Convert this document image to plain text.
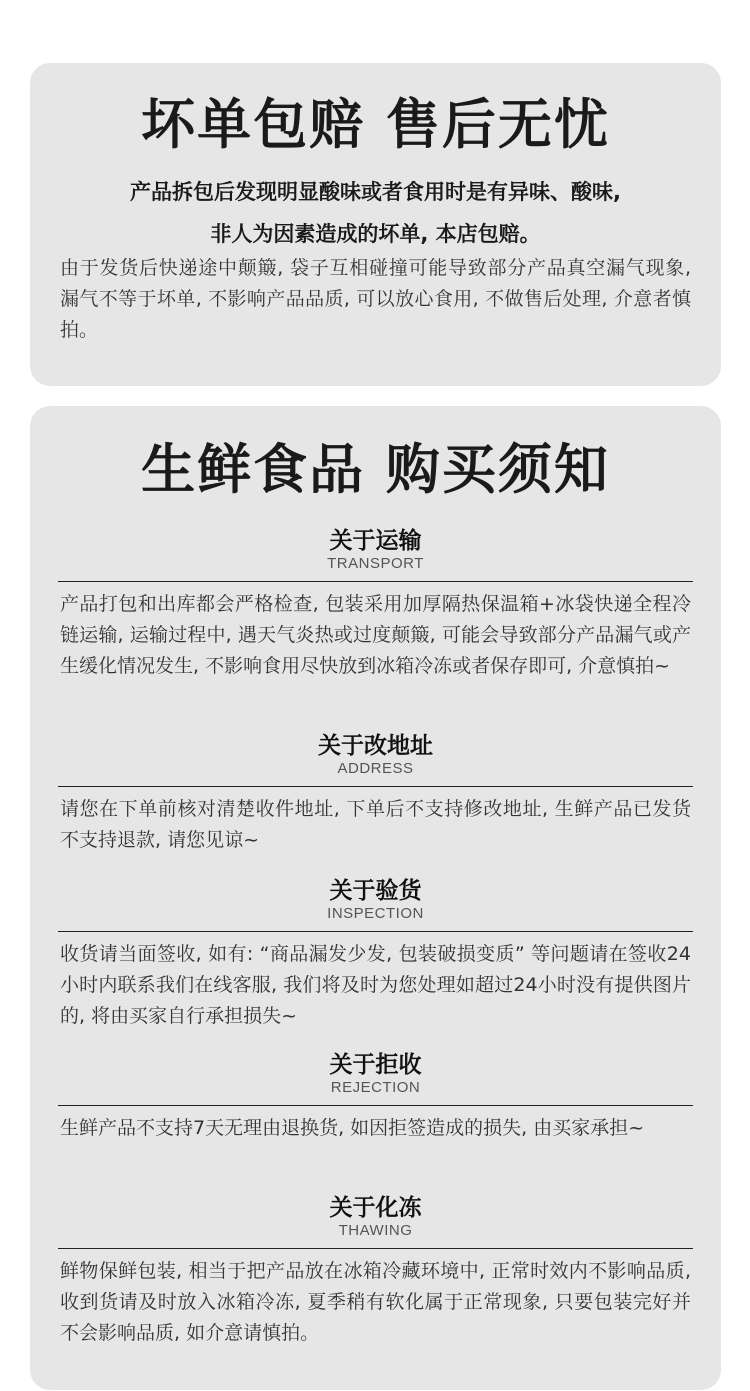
坏单包赔 售后无忧
产品拆包后发现明显酸味或者食用时是有异味、酸味,
非人为因素造成的坏单, 本店包赔。
由于发货后快递途中颠簸, 袋子互相碰撞可能导致部分产品真空漏气现象, 漏气不等于坏单, 不影响产品品质, 可以放心食用, 不做售后处理, 介意者慎拍。
生鲜食品 购买须知
关于运输
TRANSPORT
产品打包和出库都会严格检查, 包装采用加厚隔热保温箱+冰袋快递全程冷链运输, 运输过程中, 遇天气炎热或过度颠簸, 可能会导致部分产品漏气或产生缓化情况发生, 不影响食用尽快放到冰箱冷冻或者保存即可, 介意慎拍~
关于改地址
ADDRESS
请您在下单前核对清楚收件地址, 下单后不支持修改地址, 生鲜产品已发货不支持退款, 请您见谅~
关于验货
INSPECTION
收货请当面签收, 如有: “商品漏发少发, 包装破损变质” 等问题请在签收24小时内联系我们在线客服, 我们将及时为您处理如超过24小时没有提供图片的, 将由买家自行承担损失~
关于拒收
REJECTION
生鲜产品不支持7天无理由退换货, 如因拒签造成的损失, 由买家承担~
关于化冻
THAWING
鲜物保鲜包装, 相当于把产品放在冰箱冷藏环境中, 正常时效内不影响品质, 收到货请及时放入冰箱冷冻, 夏季稍有软化属于正常现象, 只要包装完好并不会影响品质, 如介意请慎拍。
